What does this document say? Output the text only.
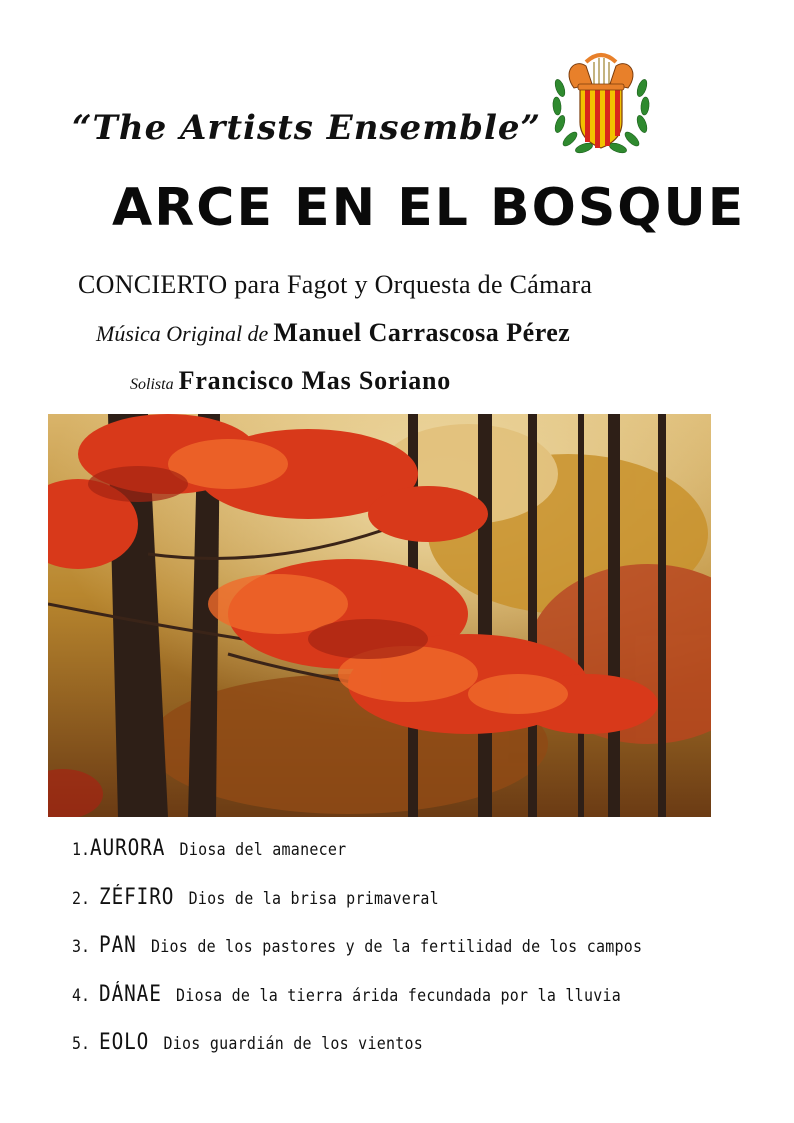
“The Artists Ensemble”
ARCE EN EL BOSQUE
CONCIERTO para Fagot y Orquesta de Cámara
Música Original de Manuel Carrascosa Pérez
Solista Francisco Mas Soriano
1.AURORA Diosa del amanecer
2. ZÉFIRO Dios de la brisa primaveral
3. PAN Dios de los pastores y de la fertilidad de los campos
4. DÁNAE Diosa de la tierra árida fecundada por la lluvia
5. EOLO Dios guardián de los vientos
